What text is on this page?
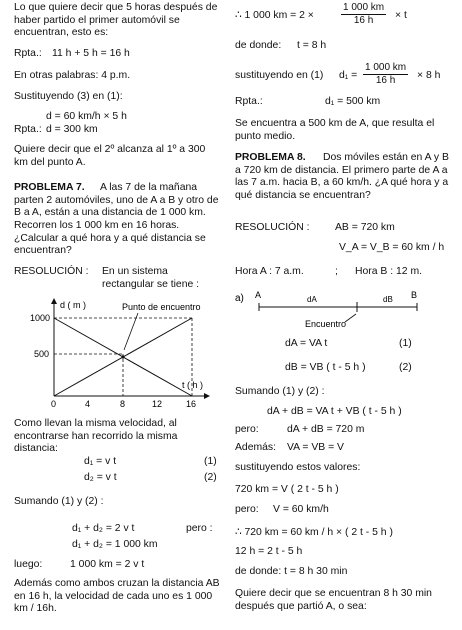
Lo que quiere decir que 5 horas después de haber partido el primer automóvil se encuentran, esto es:
Rpta.: 11 h + 5 h = 16 h
En otras palabras: 4 p.m.
Sustituyendo (3) en (1):
d = 60 km/h × 5 h
Rpta.: d = 300 km
Quiere decir que el 2º alcanza al 1º a 300 km del punto A.
PROBLEMA 7.	A las 7 de la mañana parten 2 automóviles, uno de A a B y otro de B a A, están a una distancia de 1 000 km. Recorren los 1 000 km en 16 horas. ¿Calcular a qué hora y a qué distancia se encuentran?
RESOLUCIÓN : En un sistema rectangular se tiene :
d ( m )
t ( h )
Punto de encuentro
1000
500
0	4	8	12	16
Como llevan la misma velocidad, al encontrarse han recorrido la misma distancia:
d₁ = v t	(1)
d₂ = v t	(2)
Sumando (1) y (2) :
d₁ + d₂ = 2 v t	pero :
d₁ + d₂ = 1 000 km
luego:	1 000 km = 2 v t
Además como ambos cruzan la distancia AB en 16 h, la velocidad de cada uno es 1 000 km / 16h.
∴ 1 000 km = 2 ×	$\frac{1 000 km}{16 h} \times t$
de donde: t = 8 h
sustituyendo en (1) $d_1 = \frac{1 000 km}{16 h} \times 8$ h
Rpta.:	d₁ = 500 km
Se encuentra a 500 km de A, que resulta el punto medio.
PROBLEMA 8.	Dos móviles están en A y B a 720 km de distancia. El primero parte de A a las 7 a.m. hacia B, a 60 km/h. ¿A qué hora y a qué distancia se encuentran?
RESOLUCIÓN : AB = 720 km
V_A = V_B = 60 km / h
Hora A : 7 a.m.	; Hora B : 12 m.
a) A	B
dA	dB
Encuentro
dA = VA t	(1)
dB = VB ( t - 5 h )	(2)
Sumando (1) y (2) :
dA + dB = VA t + VB ( t - 5 h )
pero:	dA + dB = 720 m
Además: VA = VB = V
sustituyendo estos valores:
720 km = V ( 2 t - 5 h )
pero: V = 60 km/h
∴ 720 km = 60 km / h × ( 2 t - 5 h )
12 h = 2 t - 5 h
de donde: t = 8 h 30 min
Quiere decir que se encuentran 8 h 30 min después que partió A, o sea:
